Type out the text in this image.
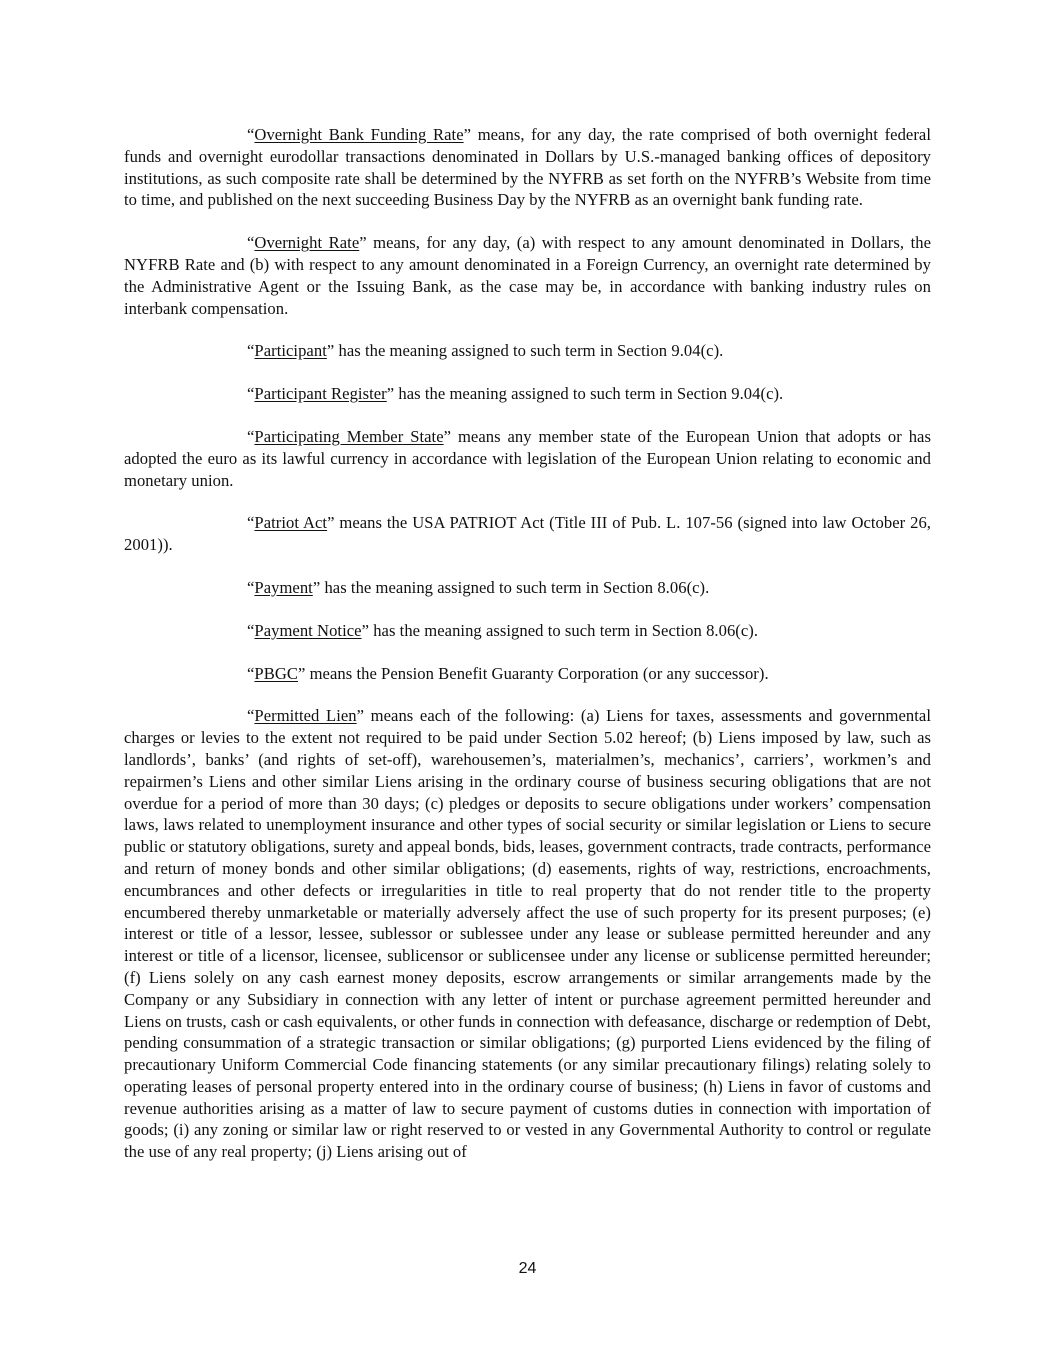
“Overnight Bank Funding Rate” means, for any day, the rate comprised of both overnight federal funds and overnight eurodollar transactions denominated in Dollars by U.S.-managed banking offices of depository institutions, as such composite rate shall be determined by the NYFRB as set forth on the NYFRB’s Website from time to time, and published on the next succeeding Business Day by the NYFRB as an overnight bank funding rate.

“Overnight Rate” means, for any day, (a) with respect to any amount denominated in Dollars, the NYFRB Rate and (b) with respect to any amount denominated in a Foreign Currency, an overnight rate determined by the Administrative Agent or the Issuing Bank, as the case may be, in accordance with banking industry rules on interbank compensation.

“Participant” has the meaning assigned to such term in Section 9.04(c).

“Participant Register” has the meaning assigned to such term in Section 9.04(c).

“Participating Member State” means any member state of the European Union that adopts or has adopted the euro as its lawful currency in accordance with legislation of the European Union relating to economic and monetary union.

“Patriot Act” means the USA PATRIOT Act (Title III of Pub. L. 107-56 (signed into law October 26, 2001)).

“Payment” has the meaning assigned to such term in Section 8.06(c).

“Payment Notice” has the meaning assigned to such term in Section 8.06(c).

“PBGC” means the Pension Benefit Guaranty Corporation (or any successor).

“Permitted Lien” means each of the following: (a) Liens for taxes, assessments and governmental charges or levies to the extent not required to be paid under Section 5.02 hereof; (b) Liens imposed by law, such as landlords’, banks’ (and rights of set-off), warehousemen’s, materialmen’s, mechanics’, carriers’, workmen’s and repairmen’s Liens and other similar Liens arising in the ordinary course of business securing obligations that are not overdue for a period of more than 30 days; (c) pledges or deposits to secure obligations under workers’ compensation laws, laws related to unemployment insurance and other types of social security or similar legislation or Liens to secure public or statutory obligations, surety and appeal bonds, bids, leases, government contracts, trade contracts, performance and return of money bonds and other similar obligations; (d) easements, rights of way, restrictions, encroachments, encumbrances and other defects or irregularities in title to real property that do not render title to the property encumbered thereby unmarketable or materially adversely affect the use of such property for its present purposes; (e) interest or title of a lessor, lessee, sublessor or sublessee under any lease or sublease permitted hereunder and any interest or title of a licensor, licensee, sublicensor or sublicensee under any license or sublicense permitted hereunder; (f) Liens solely on any cash earnest money deposits, escrow arrangements or similar arrangements made by the Company or any Subsidiary in connection with any letter of intent or purchase agreement permitted hereunder and Liens on trusts, cash or cash equivalents, or other funds in connection with defeasance, discharge or redemption of Debt, pending consummation of a strategic transaction or similar obligations; (g) purported Liens evidenced by the filing of precautionary Uniform Commercial Code financing statements (or any similar precautionary filings) relating solely to operating leases of personal property entered into in the ordinary course of business; (h) Liens in favor of customs and revenue authorities arising as a matter of law to secure payment of customs duties in connection with importation of goods; (i) any zoning or similar law or right reserved to or vested in any Governmental Authority to control or regulate the use of any real property; (j) Liens arising out of

24
